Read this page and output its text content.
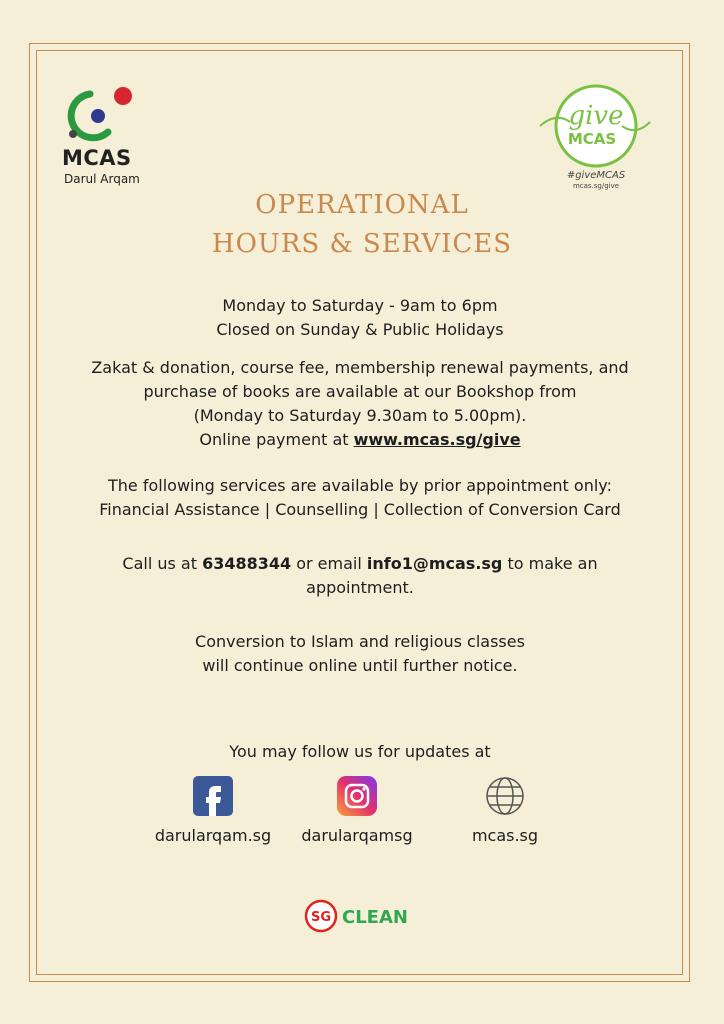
MCAS
Darul Arqam
give
MCAS
#giveMCAS
mcas.sg/give
OPERATIONAL
HOURS & SERVICES
Monday to Saturday - 9am to 6pm
Closed on Sunday & Public Holidays
Zakat & donation, course fee, membership renewal payments, and
purchase of books are available at our Bookshop from
(Monday to Saturday 9.30am to 5.00pm).
Online payment at www.mcas.sg/give
The following services are available by prior appointment only:
Financial Assistance | Counselling | Collection of Conversion Card
Call us at 63488344 or email info1@mcas.sg to make an
appointment.
Conversion to Islam and religious classes
will continue online until further notice.
You may follow us for updates at
darularqam.sg	darularqamsg	mcas.sg
SG CLEAN
